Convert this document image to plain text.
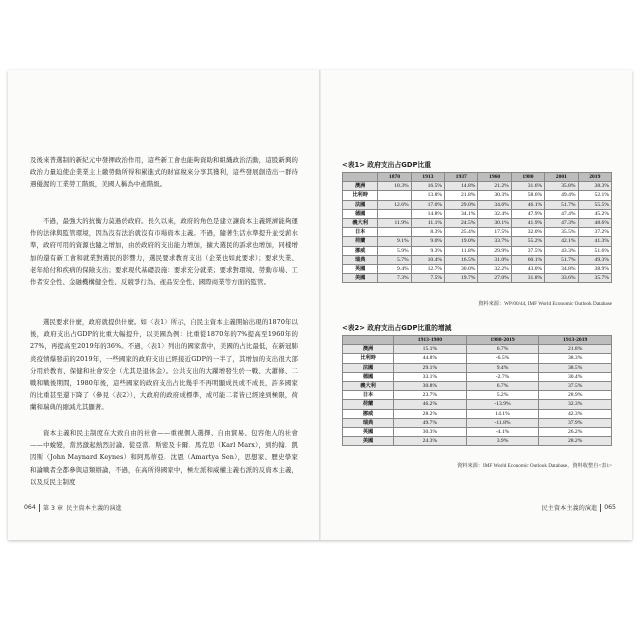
及後來普選制的新紀元中發揮政治作用，這些新工會也能夠資助和組織政治活動，這股新興的政治力量迫使企業業主上繳勞動所得和累進式的財富稅來分享其獲利，這些發展創造出一群待遇優渥的工業勞工階級，美國人稱為中產階級。

不過，最強大的抗衡力莫過於政府。長久以來，政府的角色是建立讓資本主義經濟能夠運作的法律與監管環境，因為沒有法治就沒有市場資本主義。不過，隨著生活水準提升並受薪水準，政府可用的資源也隨之增加，由於政府的支出能力增加，擴大選民的訴求也增加，同樣增加的還有新工會和就業對選民的影響力，選民要求教育支出（企業也如此要求）；要求失業、老年給付和疾病的保險支出；要求現代基礎設施：要求充分就業；要求對環境、勞動市場、工作者安全性、金融機構健全性、反競爭行為、產品安全性、國際商業等方面的監管。

選民要求什麼，政府就提供什麼。如〈表1〉所示，自民主資本主義開始出現的1870年以後，政府支出占GDP的比重大幅提升，以美國為例：比重從1870年的7%提高至1960年的27%，再提高至2019年的36%。不過，〈表1〉列出的國家當中，美國的占比最低，在新冠肺炎疫情爆發前的2019年，一些國家的政府支出已經接近GDP的一半了，其增加的支出很大部分用於教育、保健和社會安全（尤其是退休金）。公共支出的大躍增發生於一戰、大蕭條、二戰和戰後期間，1980年後，這些國家的政府支出占比幾乎不再明顯成長或不成長，許多國家的比重甚至還下降了（參見〈表2〉），大政府的政府成標準，成可能二者皆已經達到極限，荷蘭和瑞典的縮減尤其顯著。

資本主義和民主制度在大致自由的社會——重視個人選擇、自由貿易、包容他人的社會——中蛻變，當然激起熱烈討論、從亞當．斯密及卡爾．馬克思（Karl Marx），到約翰．凱因斯（John Maynard Keynes）和阿馬蒂亞．沈恩（Amartya Sen），思想家、歷史學家和論戰者全都參與這類辯論，不過，在高所得國家中，極左派和威權主義右派的反資本主義，以及反民主制度

064 第 3 章 民主資本主義的演進
<表1> 政府支出占GDP比重
	1870	1913	1937	1960	1980	2001	2019
澳洲	18.3%	16.5%	14.8%	21.2%	31.6%	35.8%	38.3%
比利時		13.8%	21.8%	30.3%	58.6%	49.4%	52.1%
法國	12.6%	17.0%	29.0%	34.6%	46.1%	51.7%	55.5%
德國		14.8%	34.1%	32.4%	47.9%	47.4%	45.2%
義大利	11.9%	11.1%	24.5%	30.1%	41.9%	47.3%	48.6%
日本		8.3%	25.4%	17.5%	32.0%	35.5%	37.2%
荷蘭	9.1%	9.0%	19.0%	33.7%	55.2%	42.1%	41.3%
挪威	5.9%	9.3%	11.8%	29.9%	37.5%	43.3%	51.6%
瑞典	5.7%	10.4%	16.5%	31.0%	60.1%	51.7%	49.3%
英國	9.4%	12.7%	30.0%	32.2%	43.0%	34.8%	38.9%
美國	7.3%	7.5%	19.7%	27.0%	31.8%	33.6%	35.7%
資料來源：WP/00/44, IMF World Economic Outlook Database
<表2> 政府支出占GDP比重的增減
	1913-1980	1980-2019	1913-2019
澳洲	15.1%	6.7%	21.8%
比利時	44.8%	-6.5%	38.3%
法國	29.1%	9.4%	38.5%
德國	33.1%	-2.7%	30.4%
義大利	30.8%	6.7%	37.5%
日本	23.7%	5.2%	28.9%
荷蘭	46.2%	-13.9%	32.3%
挪威	28.2%	14.1%	42.3%
瑞典	49.7%	-11.8%	37.9%
英國	30.3%	-4.1%	26.2%
美國	24.3%	3.9%	28.2%
資料來源：IMF World Economic Outlook Database，資料收整自<表1>
民主資本主義的演進 065
